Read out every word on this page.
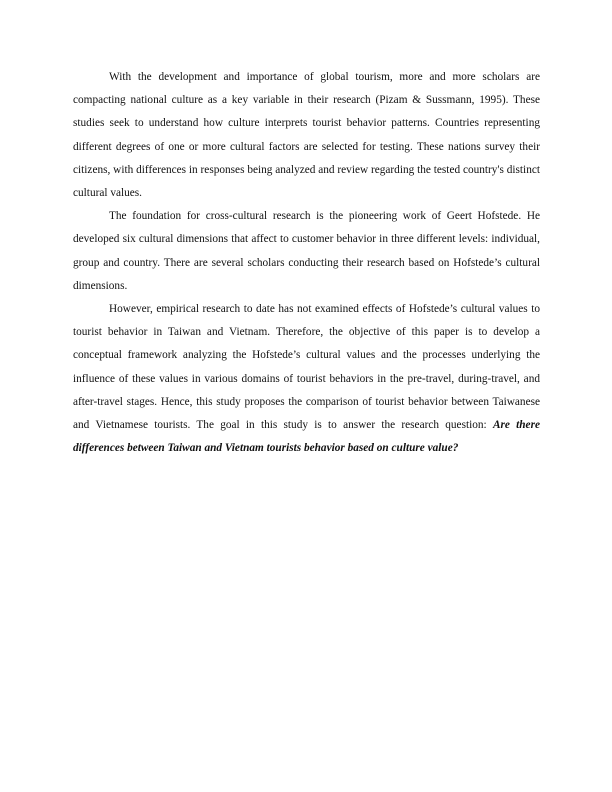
With the development and importance of global tourism, more and more scholars are compacting national culture as a key variable in their research (Pizam & Sussmann, 1995). These studies seek to understand how culture interprets tourist behavior patterns. Countries representing different degrees of one or more cultural factors are selected for testing. These nations survey their citizens, with differences in responses being analyzed and review regarding the tested country's distinct cultural values.

The foundation for cross-cultural research is the pioneering work of Geert Hofstede. He developed six cultural dimensions that affect to customer behavior in three different levels: individual, group and country. There are several scholars conducting their research based on Hofstede’s cultural dimensions.

However, empirical research to date has not examined effects of Hofstede’s cultural values to tourist behavior in Taiwan and Vietnam. Therefore, the objective of this paper is to develop a conceptual framework analyzing the Hofstede’s cultural values and the processes underlying the influence of these values in various domains of tourist behaviors in the pre-travel, during-travel, and after-travel stages. Hence, this study proposes the comparison of tourist behavior between Taiwanese and Vietnamese tourists. The goal in this study is to answer the research question: Are there differences between Taiwan and Vietnam tourists behavior based on culture value?
